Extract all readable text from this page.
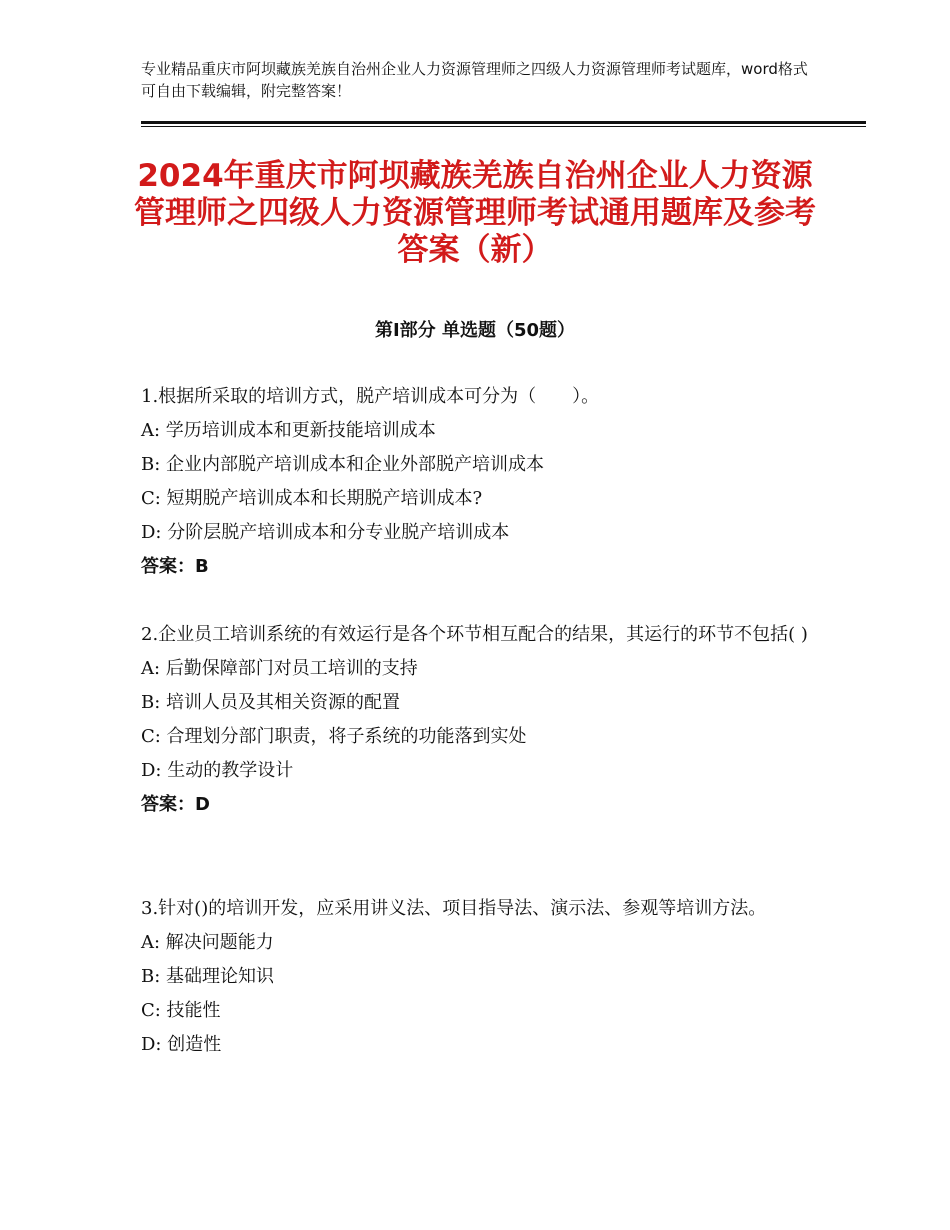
专业精品重庆市阿坝藏族羌族自治州企业人力资源管理师之四级人力资源管理师考试题库，word格式可自由下载编辑，附完整答案！
2024年重庆市阿坝藏族羌族自治州企业人力资源管理师之四级人力资源管理师考试通用题库及参考答案（新）
第Ⅰ部分 单选题（50题）
1.根据所采取的培训方式，脱产培训成本可分为（　　）。
A: 学历培训成本和更新技能培训成本
B: 企业内部脱产培训成本和企业外部脱产培训成本
C: 短期脱产培训成本和长期脱产培训成本?
D: 分阶层脱产培训成本和分专业脱产培训成本
答案：B
2.企业员工培训系统的有效运行是各个环节相互配合的结果，其运行的环节不包括( )
A: 后勤保障部门对员工培训的支持
B: 培训人员及其相关资源的配置
C: 合理划分部门职责，将子系统的功能落到实处
D: 生动的教学设计
答案：D
3.针对()的培训开发，应采用讲义法、项目指导法、演示法、参观等培训方法。
A: 解决问题能力
B: 基础理论知识
C: 技能性
D: 创造性
